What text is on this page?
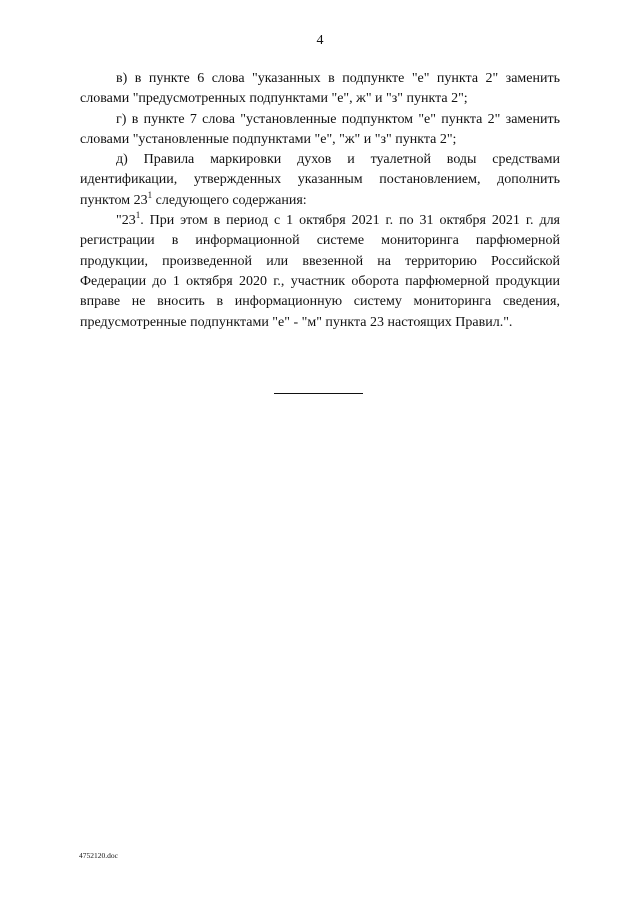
4

в) в пункте 6 слова "указанных в подпункте "е" пункта 2" заменить словами "предусмотренных подпунктами "е", ж" и "з" пункта 2";

г) в пункте 7 слова "установленные подпунктом "е" пункта 2" заменить словами "установленные подпунктами "е", "ж" и "з" пункта 2";

д) Правила маркировки духов и туалетной воды средствами идентификации, утвержденных указанным постановлением, дополнить пунктом $23^1$ следующего содержания:

"$23^1$. При этом в период с 1 октября 2021 г. по 31 октября 2021 г. для регистрации в информационной системе мониторинга парфюмерной продукции, произведенной или ввезенной на территорию Российской Федерации до 1 октября 2020 г., участник оборота парфюмерной продукции вправе не вносить в информационную систему мониторинга сведения, предусмотренные подпунктами "е" - "м" пункта 23 настоящих Правил.".

4752120.doc
